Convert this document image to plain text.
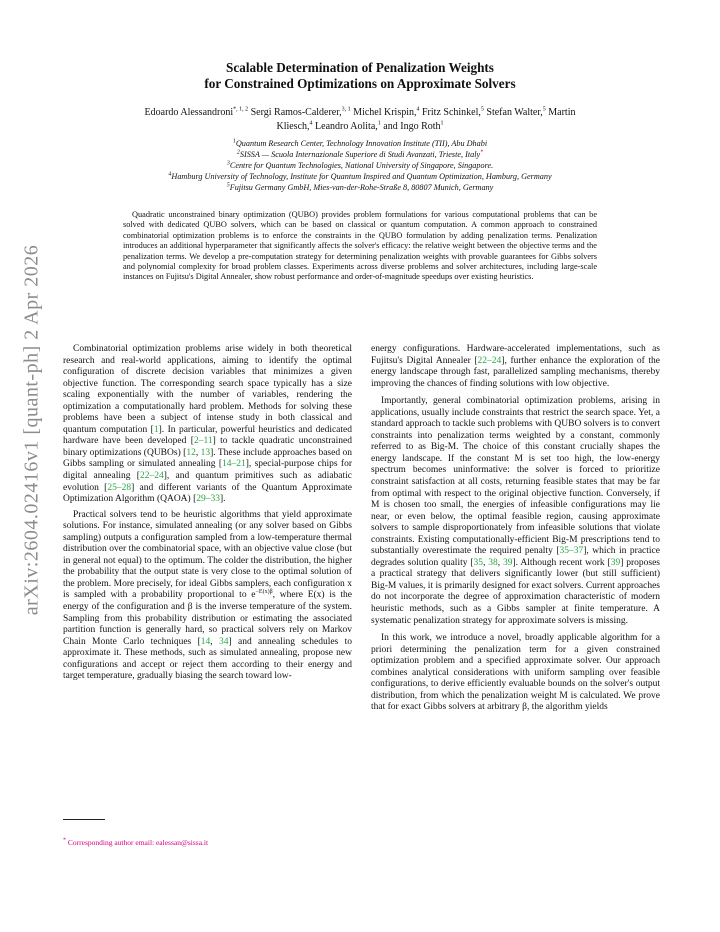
arXiv:2604.02416v1 [quant-ph] 2 Apr 2026
Scalable Determination of Penalization Weights
for Constrained Optimizations on Approximate Solvers
Edoardo Alessandroni$^{*, 1, 2}$ Sergi Ramos-Calderer,$^{3, 1}$ Michel Krispin,$^4$ Fritz Schinkel,$^5$ Stefan Walter,$^5$ Martin Kliesch,$^4$ Leandro Aolita,$^1$ and Ingo Roth$^1$
$^1$Quantum Research Center, Technology Innovation Institute (TII), Abu Dhabi
$^2$SISSA — Scuola Internazionale Superiore di Studi Avanzati, Trieste, Italy*
$^3$Centre for Quantum Technologies, National University of Singapore, Singapore.
$^4$Hamburg University of Technology, Institute for Quantum Inspired and Quantum Optimization, Hamburg, Germany
$^5$Fujitsu Germany GmbH, Mies-van-der-Rohe-Straße 8, 80807 Munich, Germany

Quadratic unconstrained binary optimization (QUBO) provides problem formulations for various computational problems that can be solved with dedicated QUBO solvers, which can be based on classical or quantum computation. A common approach to constrained combinatorial optimization problems is to enforce the constraints in the QUBO formulation by adding penalization terms. Penalization introduces an additional hyperparameter that significantly affects the solver's efficacy: the relative weight between the objective terms and the penalization terms. We develop a pre-computation strategy for determining penalization weights with provable guarantees for Gibbs solvers and polynomial complexity for broad problem classes. Experiments across diverse problems and solver architectures, including large-scale instances on Fujitsu's Digital Annealer, show robust performance and order-of-magnitude speedups over existing heuristics.

Combinatorial optimization problems arise widely in both theoretical research and real-world applications, aiming to identify the optimal configuration of discrete decision variables that minimizes a given objective function. The corresponding search space typically has a size scaling exponentially with the number of variables, rendering the optimization a computationally hard problem. Methods for solving these problems have been a subject of intense study in both classical and quantum computation [1]. In particular, powerful heuristics and dedicated hardware have been developed [2–11] to tackle quadratic unconstrained binary optimizations (QUBOs) [12, 13]. These include approaches based on Gibbs sampling or simulated annealing [14–21], special-purpose chips for digital annealing [22–24], and quantum primitives such as adiabatic evolution [25–28] and different variants of the Quantum Approximate Optimization Algorithm (QAOA) [29–33].

Practical solvers tend to be heuristic algorithms that yield approximate solutions. For instance, simulated annealing (or any solver based on Gibbs sampling) outputs a configuration sampled from a low-temperature thermal distribution over the combinatorial space, with an objective value close (but in general not equal) to the optimum. The colder the distribution, the higher the probability that the output state is very close to the optimal solution of the problem. More precisely, for ideal Gibbs samplers, each configuration x is sampled with a probability proportional to $e^{-E(x)\beta}$, where E(x) is the energy of the configuration and β is the inverse temperature of the system. Sampling from this probability distribution or estimating the associated partition function is generally hard, so practical solvers rely on Markov Chain Monte Carlo techniques [14, 34] and annealing schedules to approximate it. These methods, such as simulated annealing, propose new configurations and accept or reject them according to their energy and target temperature, gradually biasing the search toward low-

energy configurations. Hardware-accelerated implementations, such as Fujitsu's Digital Annealer [22–24], further enhance the exploration of the energy landscape through fast, parallelized sampling mechanisms, thereby improving the chances of finding solutions with low objective.

Importantly, general combinatorial optimization problems, arising in applications, usually include constraints that restrict the search space. Yet, a standard approach to tackle such problems with QUBO solvers is to convert constraints into penalization terms weighted by a constant, commonly referred to as Big-M. The choice of this constant crucially shapes the energy landscape. If the constant M is set too high, the low-energy spectrum becomes uninformative: the solver is forced to prioritize constraint satisfaction at all costs, returning feasible states that may be far from optimal with respect to the original objective function. Conversely, if M is chosen too small, the energies of infeasible configurations may lie near, or even below, the optimal feasible region, causing approximate solvers to sample disproportionately from infeasible solutions that violate constraints. Existing computationally-efficient Big-M prescriptions tend to substantially overestimate the required penalty [35–37], which in practice degrades solution quality [35, 38, 39]. Although recent work [39] proposes a practical strategy that delivers significantly lower (but still sufficient) Big-M values, it is primarily designed for exact solvers. Current approaches do not incorporate the degree of approximation characteristic of modern heuristic methods, such as a Gibbs sampler at finite temperature. A systematic penalization strategy for approximate solvers is missing.

In this work, we introduce a novel, broadly applicable algorithm for a priori determining the penalization term for a given constrained optimization problem and a specified approximate solver. Our approach combines analytical considerations with uniform sampling over feasible configurations, to derive efficiently evaluable bounds on the solver's output distribution, from which the penalization weight M is calculated. We prove that for exact Gibbs solvers at arbitrary β, the algorithm yields

* Corresponding author email: ealessan@sissa.it
